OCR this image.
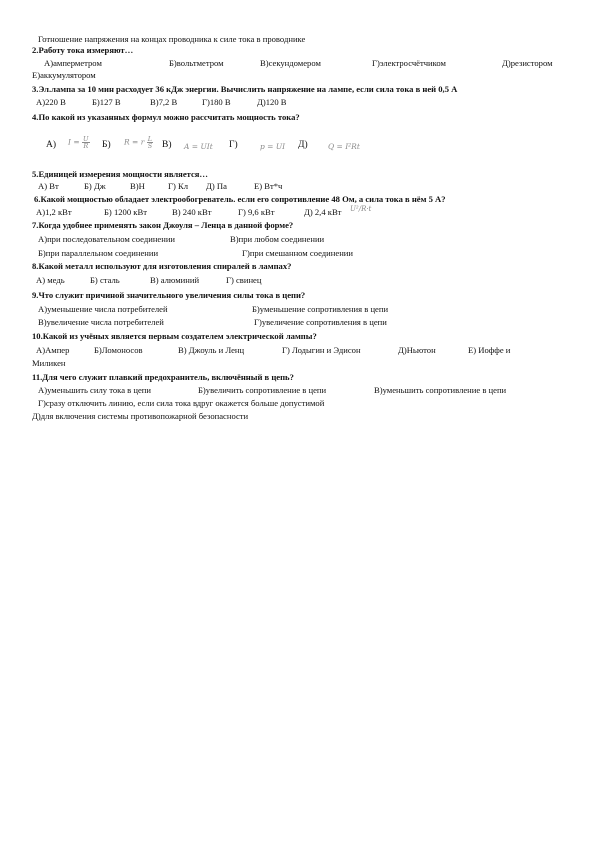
Готношение напряжения на концах проводника к силе тока в проводнике
2.Работу тока измеряют…
А)амперметром	Б)вольтметром	В)секундомером	Г)электросчётчиком	Д)резистором
Е)аккумулятором
3.Эл.лампа за 10 мин расходует 36 кДж энергии. Вычислить напряжение на лампе, если сила тока в ней 0,5 А
А)220 В	Б)127 В	В)7,2 В	Г)180 В	Д)120 В
4.По какой из указанных формул можно рассчитать мощность тока?
А) $I = \frac{U}{R} Б$) R = r $\frac{L}{S} В$) A = UIt Г)	p = UI Д)	Q = I²Rt
5.Единицей измерения мощности является…
А) Вт	Б) Дж	В)Н	Г) Кл Д) Па	Е) Вт*ч
6.Какой мощностью обладает электрообогреватель. если его сопротивление 48 Ом, а сила тока в нём 5 А?
А)1,2 кВт	Б) 1200 кВт	В) 240 кВт	Г) 9,6 кВт	Д) 2,4 кВт U²/R·t
7.Когда удобнее применять закон Джоуля – Ленца в данной форме?
А)при последовательном соединении	В)при любом соединении
Б)при параллельном соединении	Г)при смешанном соединении
8.Какой металл используют для изготовления спиралей в лампах?
А) медь	Б) сталь	В) алюминий	Г) свинец
9.Что служит причиной значительного увеличения силы тока в цепи?
А)уменьшение числа потребителей	Б)уменьшение сопротивления в цепи
В)увеличение числа потребителей	Г)увеличение сопротивления в цепи
10.Какой из учёных является первым создателем электрической лампы?
А)Ампер	Б)Ломоносов	В) Джоуль и Ленц	Г) Лодыгин и Эдисон	Д)Ньютон	Е) Иоффе и
Миликен
11.Для чего служит плавкий предохранитель, включённый в цепь?
А)уменьшить силу тока в цепи	Б)увеличить сопротивление в цепи	В)уменьшить сопротивление в цепи
Г)сразу отключить линию, если сила тока вдруг окажется больше допустимой
Д)для включения системы противопожарной безопасности
